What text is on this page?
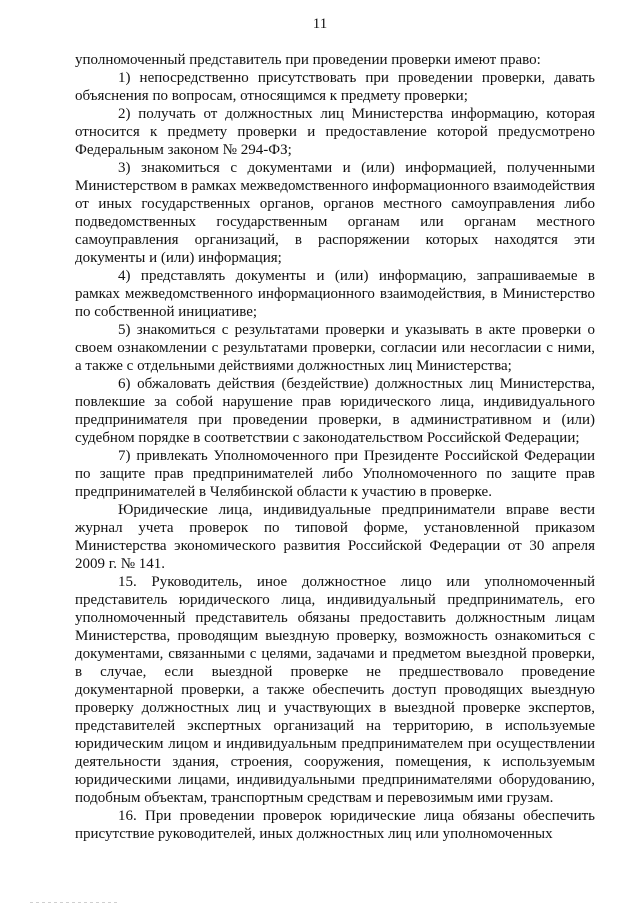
11

уполномоченный представитель при проведении проверки имеют право:

1) непосредственно присутствовать при проведении проверки, давать объяснения по вопросам, относящимся к предмету проверки;

2) получать от должностных лиц Министерства информацию, которая относится к предмету проверки и предоставление которой предусмотрено Федеральным законом № 294-ФЗ;

3) знакомиться с документами и (или) информацией, полученными Министерством в рамках межведомственного информационного взаимодействия от иных государственных органов, органов местного самоуправления либо подведомственных государственным органам или органам местного самоуправления организаций, в распоряжении которых находятся эти документы и (или) информация;

4) представлять документы и (или) информацию, запрашиваемые в рамках межведомственного информационного взаимодействия, в Министерство по собственной инициативе;

5) знакомиться с результатами проверки и указывать в акте проверки о своем ознакомлении с результатами проверки, согласии или несогласии с ними, а также с отдельными действиями должностных лиц Министерства;

6) обжаловать действия (бездействие) должностных лиц Министерства, повлекшие за собой нарушение прав юридического лица, индивидуального предпринимателя при проведении проверки, в административном и (или) судебном порядке в соответствии с законодательством Российской Федерации;

7) привлекать Уполномоченного при Президенте Российской Федерации по защите прав предпринимателей либо Уполномоченного по защите прав предпринимателей в Челябинской области к участию в проверке.

Юридические лица, индивидуальные предприниматели вправе вести журнал учета проверок по типовой форме, установленной приказом Министерства экономического развития Российской Федерации от 30 апреля 2009 г. № 141.

15. Руководитель, иное должностное лицо или уполномоченный представитель юридического лица, индивидуальный предприниматель, его уполномоченный представитель обязаны предоставить должностным лицам Министерства, проводящим выездную проверку, возможность ознакомиться с документами, связанными с целями, задачами и предметом выездной проверки, в случае, если выездной проверке не предшествовало проведение документарной проверки, а также обеспечить доступ проводящих выездную проверку должностных лиц и участвующих в выездной проверке экспертов, представителей экспертных организаций на территорию, в используемые юридическим лицом и индивидуальным предпринимателем при осуществлении деятельности здания, строения, сооружения, помещения, к используемым юридическими лицами, индивидуальными предпринимателями оборудованию, подобным объектам, транспортным средствам и перевозимым ими грузам.

16. При проведении проверок юридические лица обязаны обеспечить присутствие руководителей, иных должностных лиц или уполномоченных
